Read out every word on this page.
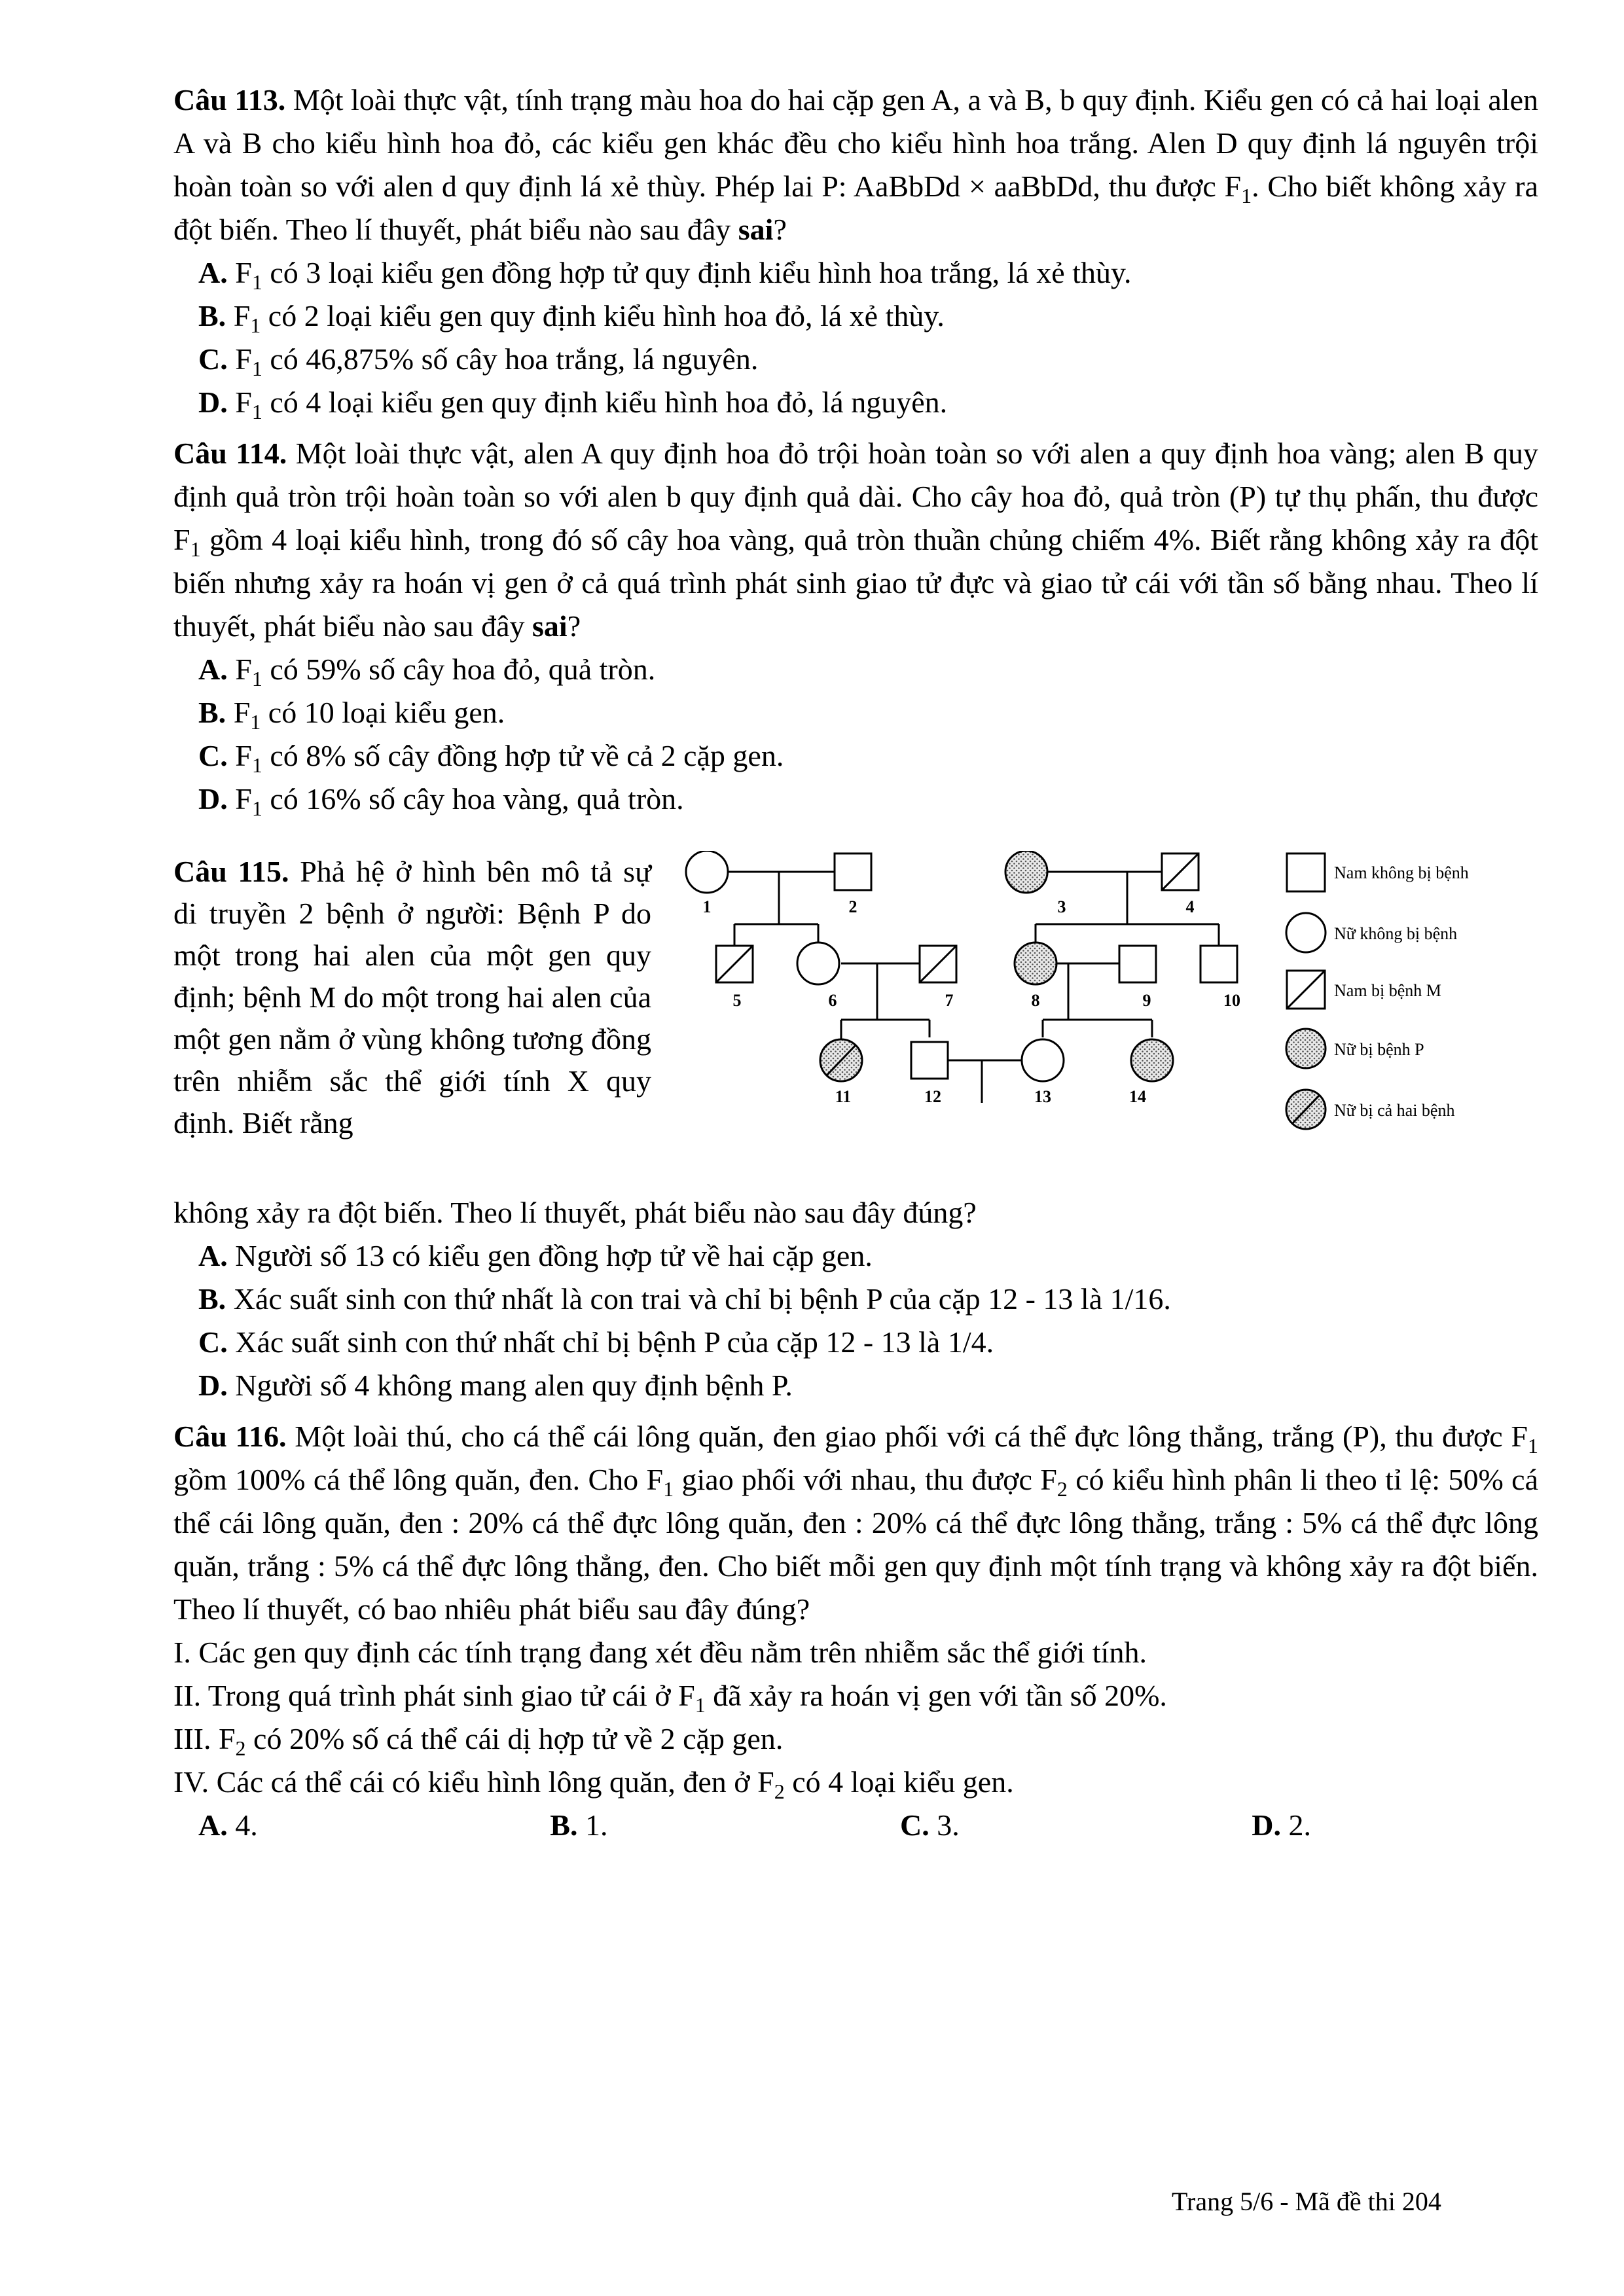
Câu 113. Một loài thực vật, tính trạng màu hoa do hai cặp gen A, a và B, b quy định. Kiểu gen có cả hai loại alen A và B cho kiểu hình hoa đỏ, các kiểu gen khác đều cho kiểu hình hoa trắng. Alen D quy định lá nguyên trội hoàn toàn so với alen d quy định lá xẻ thùy. Phép lai P: AaBbDd × aaBbDd, thu được $F_1$. Cho biết không xảy ra đột biến. Theo lí thuyết, phát biểu nào sau đây sai?

A. $F_1$ có 3 loại kiểu gen đồng hợp tử quy định kiểu hình hoa trắng, lá xẻ thùy.

B. $F_1$ có 2 loại kiểu gen quy định kiểu hình hoa đỏ, lá xẻ thùy.

C. $F_1$ có 46,875% số cây hoa trắng, lá nguyên.

D. $F_1$ có 4 loại kiểu gen quy định kiểu hình hoa đỏ, lá nguyên.

Câu 114. Một loài thực vật, alen A quy định hoa đỏ trội hoàn toàn so với alen a quy định hoa vàng; alen B quy định quả tròn trội hoàn toàn so với alen b quy định quả dài. Cho cây hoa đỏ, quả tròn (P) tự thụ phấn, thu được $F_1$ gồm 4 loại kiểu hình, trong đó số cây hoa vàng, quả tròn thuần chủng chiếm 4%. Biết rằng không xảy ra đột biến nhưng xảy ra hoán vị gen ở cả quá trình phát sinh giao tử đực và giao tử cái với tần số bằng nhau. Theo lí thuyết, phát biểu nào sau đây sai?

A. $F_1$ có 59% số cây hoa đỏ, quả tròn.

B. $F_1$ có 10 loại kiểu gen.

C. $F_1$ có 8% số cây đồng hợp tử về cả 2 cặp gen.

D. $F_1$ có 16% số cây hoa vàng, quả tròn.

Câu 115. Phả hệ ở hình bên mô tả sự di truyền 2 bệnh ở người: Bệnh P do một trong hai alen của một gen quy định; bệnh M do một trong hai alen của một gen nằm ở vùng không tương đồng trên nhiễm sắc thể giới tính X quy định. Biết rằng
1	2	3	4
5	6	7	8	9	10
11	12	13	14
Nam không bị bệnh
Nữ không bị bệnh
Nam bị bệnh M
Nữ bị bệnh P
Nữ bị cả hai bệnh

không xảy ra đột biến. Theo lí thuyết, phát biểu nào sau đây đúng?

A. Người số 13 có kiểu gen đồng hợp tử về hai cặp gen.

B. Xác suất sinh con thứ nhất là con trai và chỉ bị bệnh P của cặp 12 - 13 là 1/16.

C. Xác suất sinh con thứ nhất chỉ bị bệnh P của cặp 12 - 13 là 1/4.

D. Người số 4 không mang alen quy định bệnh P.

Câu 116. Một loài thú, cho cá thể cái lông quăn, đen giao phối với cá thể đực lông thẳng, trắng (P), thu được $F_1$ gồm 100% cá thể lông quăn, đen. Cho $F_1$ giao phối với nhau, thu được $F_2$ có kiểu hình phân li theo tỉ lệ: 50% cá thể cái lông quăn, đen : 20% cá thể đực lông quăn, đen : 20% cá thể đực lông thẳng, trắng : 5% cá thể đực lông quăn, trắng : 5% cá thể đực lông thẳng, đen. Cho biết mỗi gen quy định một tính trạng và không xảy ra đột biến. Theo lí thuyết, có bao nhiêu phát biểu sau đây đúng?

I. Các gen quy định các tính trạng đang xét đều nằm trên nhiễm sắc thể giới tính.

II. Trong quá trình phát sinh giao tử cái ở $F_1$ đã xảy ra hoán vị gen với tần số 20%.

III. $F_2$ có 20% số cá thể cái dị hợp tử về 2 cặp gen.

IV. Các cá thể cái có kiểu hình lông quăn, đen ở $F_2$ có 4 loại kiểu gen.

A. 4.	B. 1.	C. 3.	D. 2.
Trang 5/6 - Mã đề thi 204
